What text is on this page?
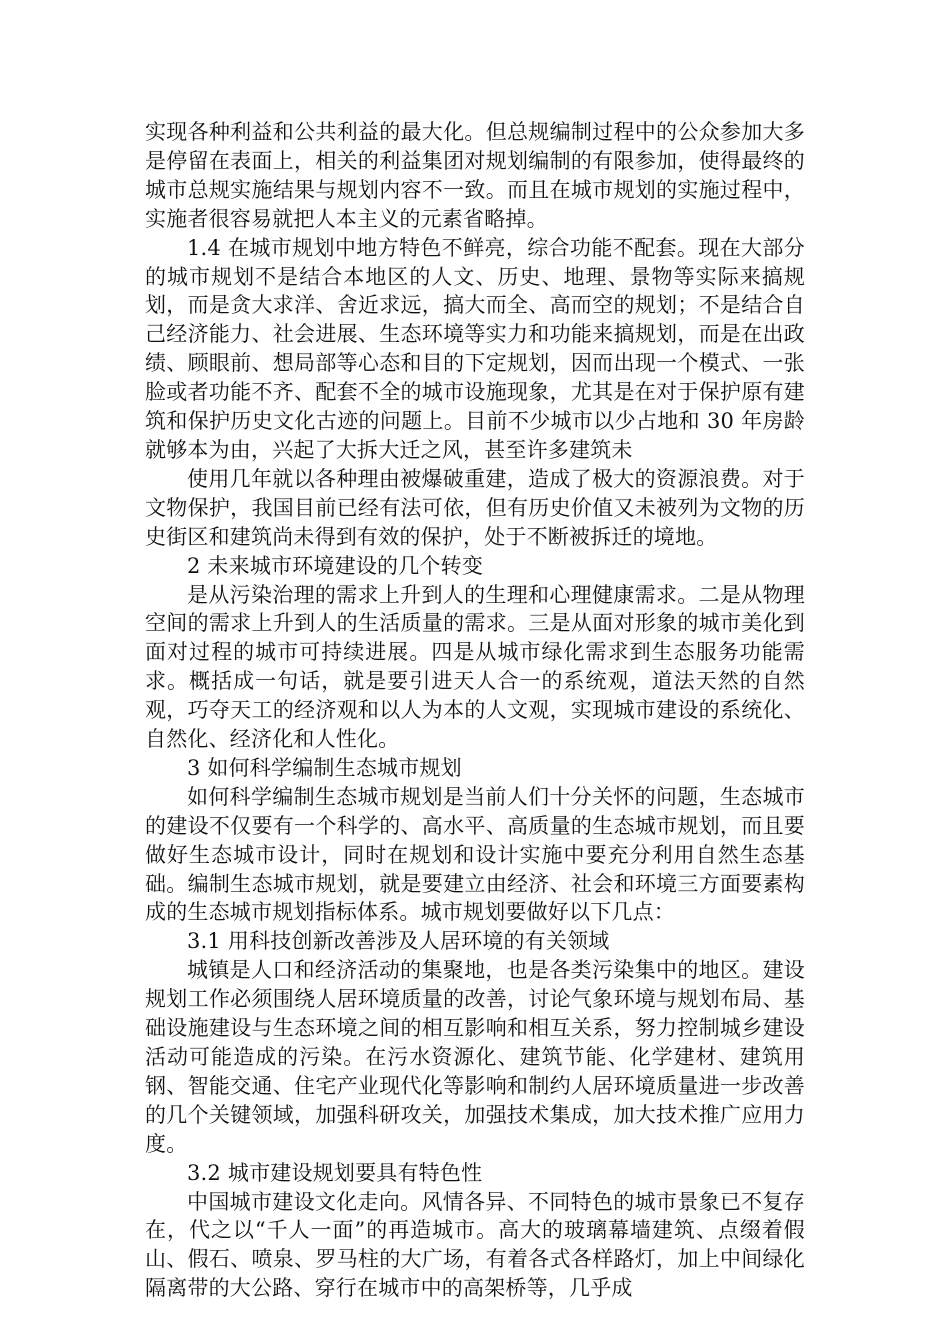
实现各种利益和公共利益的最大化。但总规编制过程中的公众参加大多是停留在表面上，相关的利益集团对规划编制的有限参加，使得最终的城市总规实施结果与规划内容不一致。而且在城市规划的实施过程中，实施者很容易就把人本主义的元素省略掉。

1.4 在城市规划中地方特色不鲜亮，综合功能不配套。现在大部分的城市规划不是结合本地区的人文、历史、地理、景物等实际来搞规划，而是贪大求洋、舍近求远，搞大而全、高而空的规划；不是结合自己经济能力、社会进展、生态环境等实力和功能来搞规划，而是在出政绩、顾眼前、想局部等心态和目的下定规划，因而出现一个模式、一张脸或者功能不齐、配套不全的城市设施现象，尤其是在对于保护原有建筑和保护历史文化古迹的问题上。目前不少城市以少占地和 30 年房龄就够本为由，兴起了大拆大迁之风，甚至许多建筑未

使用几年就以各种理由被爆破重建，造成了极大的资源浪费。对于文物保护，我国目前已经有法可依，但有历史价值又未被列为文物的历史街区和建筑尚未得到有效的保护，处于不断被拆迁的境地。

2 未来城市环境建设的几个转变

是从污染治理的需求上升到人的生理和心理健康需求。二是从物理空间的需求上升到人的生活质量的需求。三是从面对形象的城市美化到面对过程的城市可持续进展。四是从城市绿化需求到生态服务功能需求。概括成一句话，就是要引进天人合一的系统观，道法天然的自然观，巧夺天工的经济观和以人为本的人文观，实现城市建设的系统化、自然化、经济化和人性化。

3 如何科学编制生态城市规划

如何科学编制生态城市规划是当前人们十分关怀的问题，生态城市的建设不仅要有一个科学的、高水平、高质量的生态城市规划，而且要做好生态城市设计，同时在规划和设计实施中要充分利用自然生态基础。编制生态城市规划，就是要建立由经济、社会和环境三方面要素构成的生态城市规划指标体系。城市规划要做好以下几点：

3.1 用科技创新改善涉及人居环境的有关领域

城镇是人口和经济活动的集聚地，也是各类污染集中的地区。建设规划工作必须围绕人居环境质量的改善，讨论气象环境与规划布局、基础设施建设与生态环境之间的相互影响和相互关系，努力控制城乡建设活动可能造成的污染。在污水资源化、建筑节能、化学建材、建筑用钢、智能交通、住宅产业现代化等影响和制约人居环境质量进一步改善的几个关键领域，加强科研攻关，加强技术集成，加大技术推广应用力度。

3.2 城市建设规划要具有特色性

中国城市建设文化走向。风情各异、不同特色的城市景象已不复存在，代之以“千人一面”的再造城市。高大的玻璃幕墙建筑、点缀着假山、假石、喷泉、罗马柱的大广场，有着各式各样路灯，加上中间绿化隔离带的大公路、穿行在城市中的高架桥等，几乎成
